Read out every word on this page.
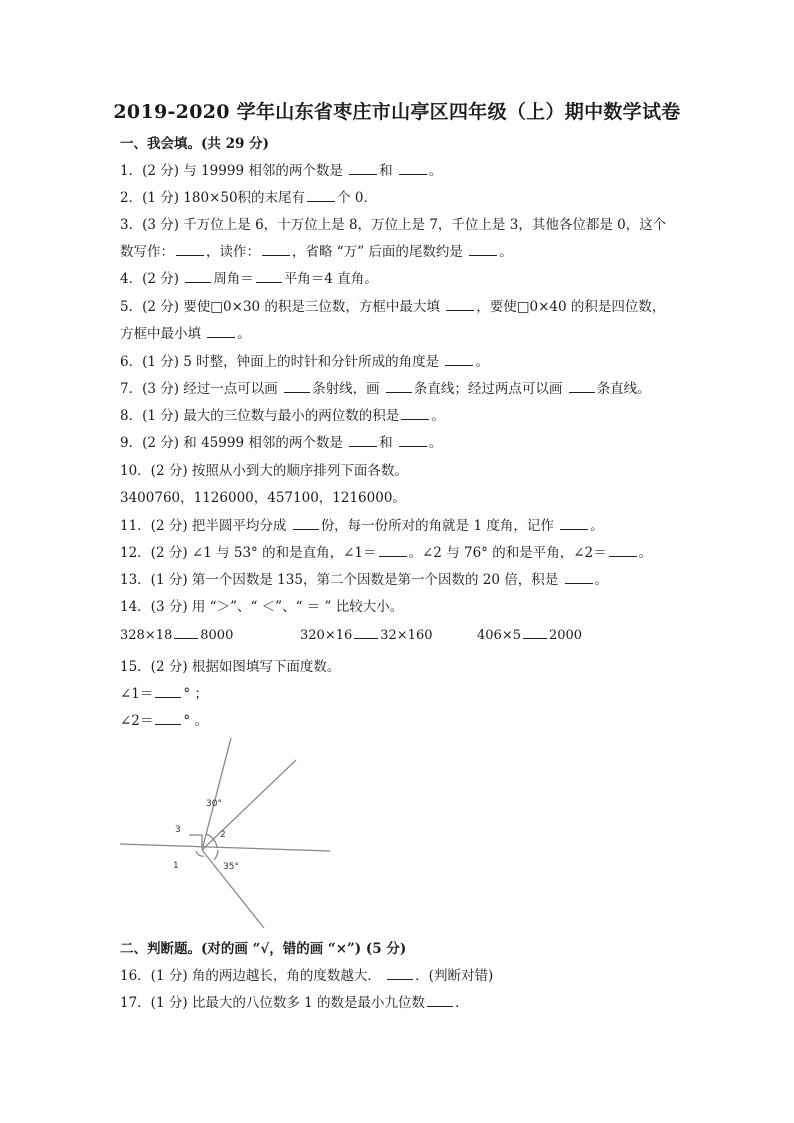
2019-2020 学年山东省枣庄市山亭区四年级（上）期中数学试卷
一、我会填。(共 29 分)
1．(2 分) 与 19999 相邻的两个数是	和	。
2．(1 分) 180×50积的末尾有 个 0．
3．(3 分) 千万位上是 6，十万位上是 8，万位上是 7，千位上是 3，其他各位都是 0，这个
数写作： ，读作： ，省略 “万” 后面的尾数约是	。
4．(2 分)	周角＝ 平角＝4 直角。
5．(2 分) 要使□0×30 的积是三位数，方框中最大填	，要使□0×40 的积是四位数，
方框中最小填	。
6．(1 分) 5 时整，钟面上的时针和分针所成的角度是	。
7．(3 分) 经过一点可以画	条射线，画	条直线；经过两点可以画	条直线。
8．(1 分) 最大的三位数与最小的两位数的积是 。
9．(2 分) 和 45999 相邻的两个数是	和	。
10．(2 分) 按照从小到大的顺序排列下面各数。
3400760，1126000，457100，1216000。
11．(2 分) 把半圆平均分成	份，每一份所对的角就是 1 度角，记作	。
12．(2 分) ∠1 与 53° 的和是直角，∠1＝ 。∠2 与 76° 的和是平角，∠2＝ 。
13．(1 分) 第一个因数是 135，第二个因数是第一个因数的 20 倍，积是	。
14．(3 分) 用 “＞”、“ ＜”、“ ＝ ” 比较大小。
328×18 8000	320×16 32×160	406×5 2000
15．(2 分) 根据如图填写下面度数。
∠1＝ ° ；
∠2＝ ° 。
30°
35°
3	2
1
二、判断题。(对的画 “√，错的画 “×”) (5 分)
16．(1 分) 角的两边越长，角的度数越大．	．(判断对错)
17．(1 分) 比最大的八位数多 1 的数是最小九位数 ．
